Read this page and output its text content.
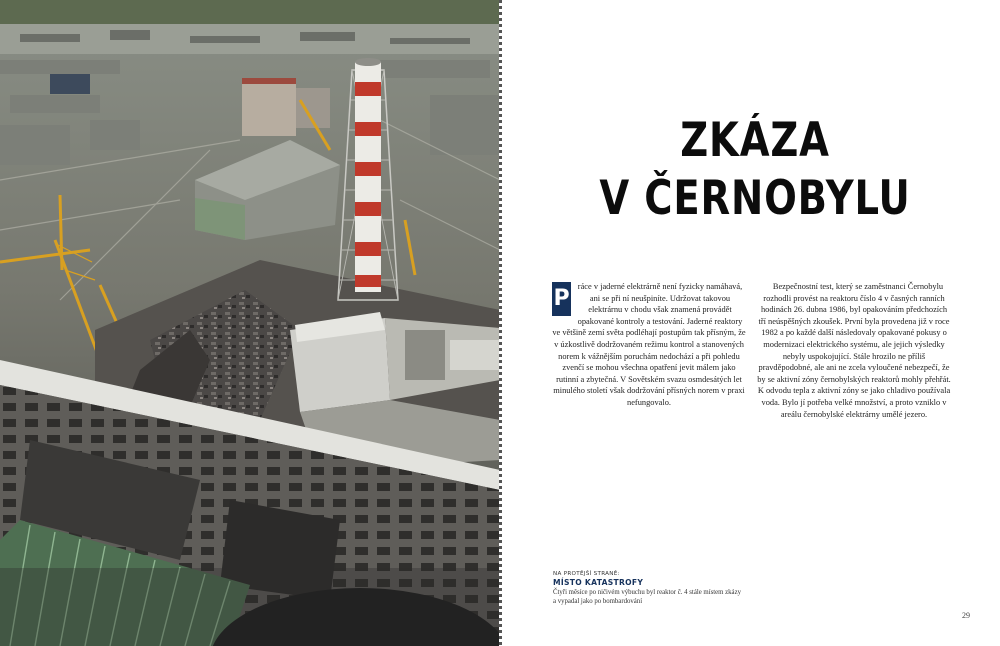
ZKÁZA
V ČERNOBYLU
P ráce v jaderné elektrárně není fyzicky namáhavá, ani se při ní neušpiníte. Udržovat takovou elektrárnu v chodu však znamená provádět opakované kontroly a testování. Jaderné reaktory ve většině zemí světa podléhají postupům tak přísným, že v úzkostlivě dodržovaném režimu kontrol a stanovených norem k vážnějším poruchám nedochází a při pohledu zvenčí se mohou všechna opatření jevit málem jako rutinní a zbytečná. V Sovětském svazu osmdesátých let minulého století však dodržování přísných norem v praxi nefungovalo.

Bezpečnostní test, který se zaměstnanci Černobylu rozhodli provést na reaktoru číslo 4 v časných ranních hodinách 26. dubna 1986, byl opakováním předchozích tří neúspěšných zkoušek. První byla provedena již v roce 1982 a po každé další následovaly opakované pokusy o modernizaci elektrického systému, ale jejich výsledky nebyly uspokojující. Stále hrozilo ne příliš pravděpodobné, ale ani ne zcela vyloučené nebezpečí, že by se aktivní zóny černobylských reaktorů mohly přehřát. K odvodu tepla z aktivní zóny se jako chladivo používala voda. Bylo jí potřeba velké množství, a proto vzniklo v areálu černobylské elektrárny umělé jezero.

NA PROTĚJŠÍ STRANĚ:
MÍSTO KATASTROFY
Čtyři měsíce po ničivém výbuchu byl reaktor č. 4 stále místem zkázy a vypadal jako po bombardování
29
